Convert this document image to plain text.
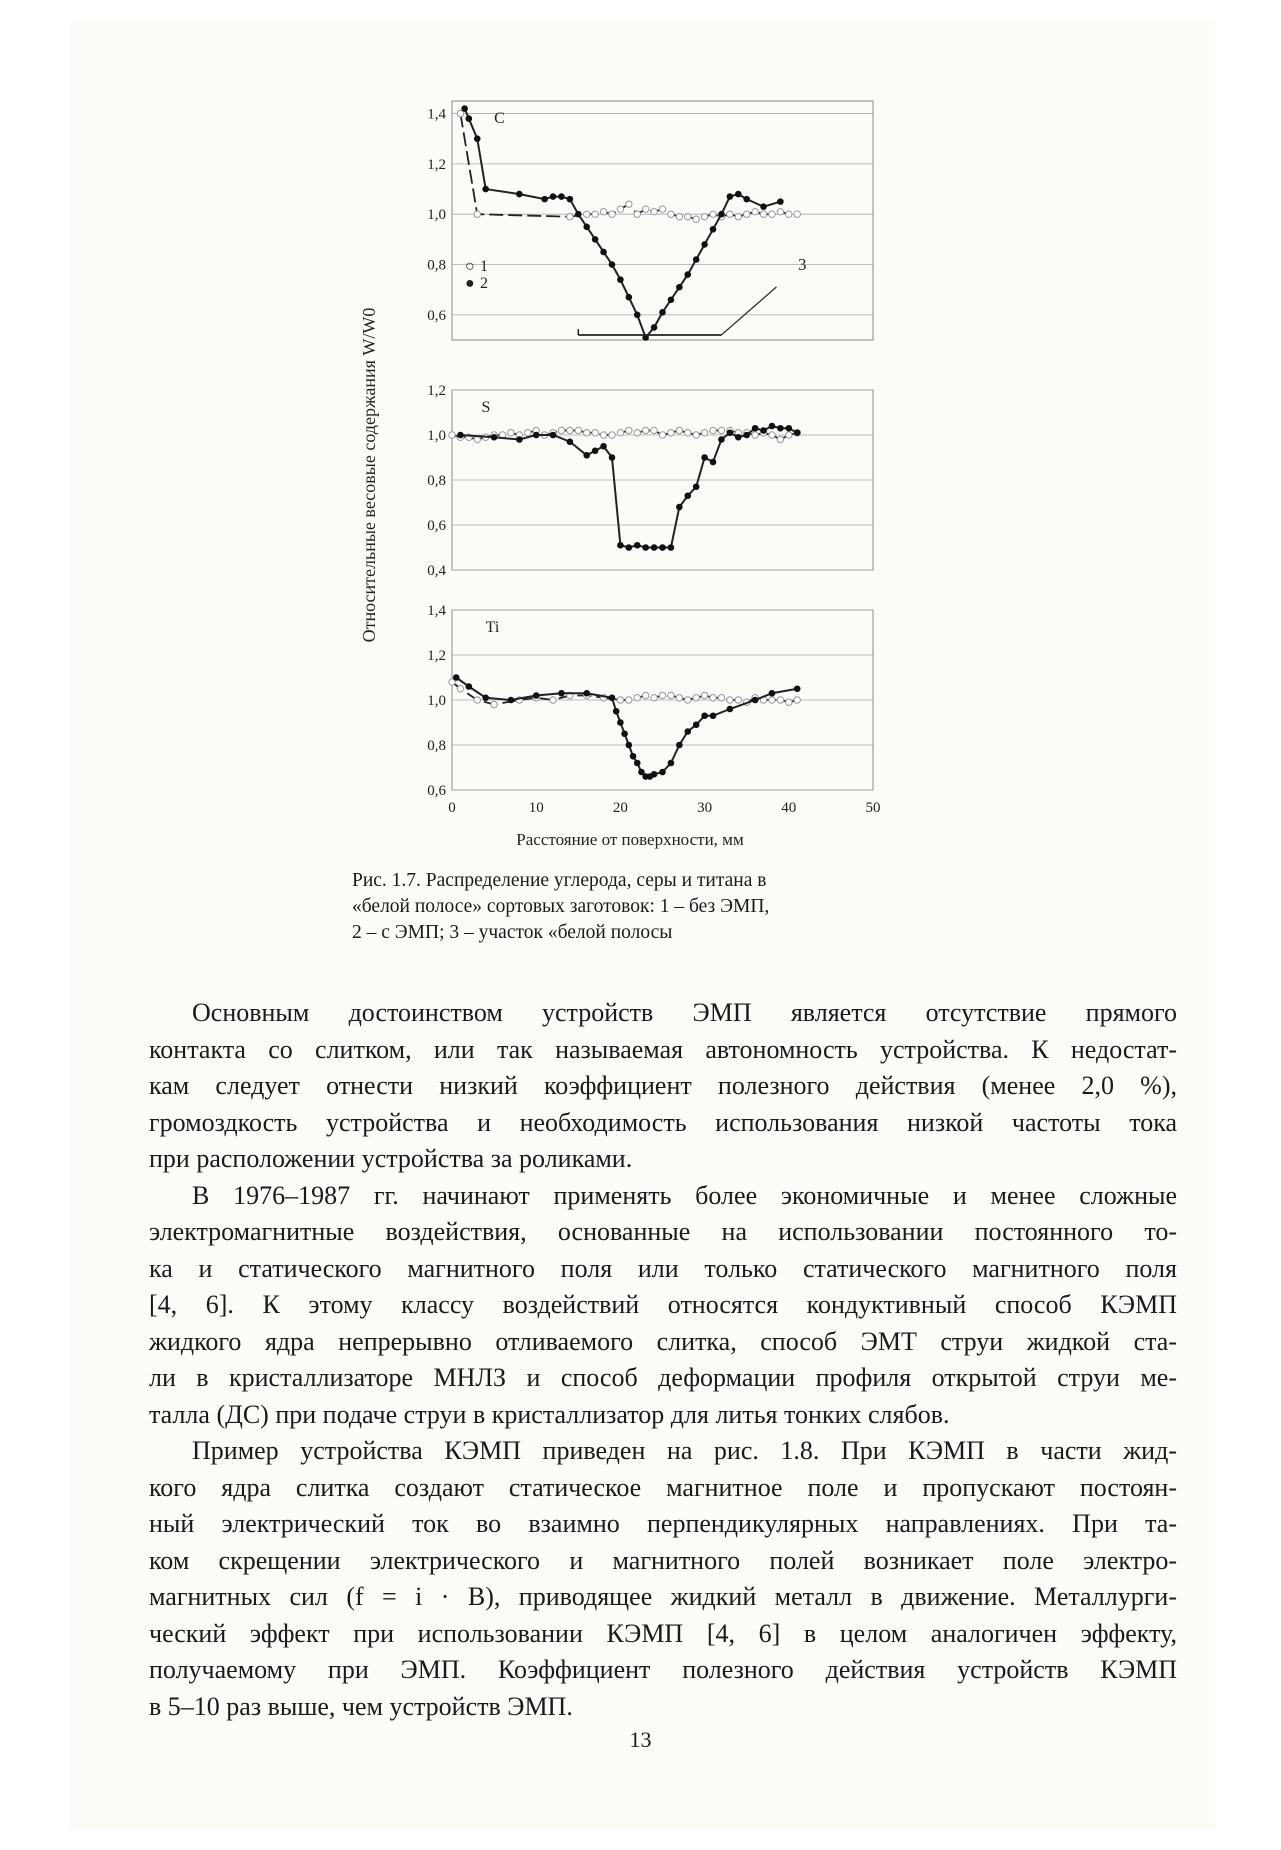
Относительные весовые содержания W/W0
Расстояние от поверхности, мм
0,6
0,8
1,0
1,2
1,4	C
0,4
0,6
0,8
1,0
1,2
S
0,6
0,8
1,0
1,2
1,4
0	10	20	30	40	50
Ti
○ 1
● 2
3
Рис. 1.7. Распределение углерода, серы и титана в
«белой полосе» сортовых заготовок: 1 – без ЭМП,
2 – с ЭМП; 3 – участок «белой полосы

Основным достоинством устройств ЭМП является отсутствие прямого
контакта со слитком, или так называемая автономность устройства. К недостат-
кам следует отнести низкий коэффициент полезного действия (менее 2,0 %),
громоздкость устройства и необходимость использования низкой частоты тока
при расположении устройства за роликами.

В 1976–1987 гг. начинают применять более экономичные и менее сложные
электромагнитные воздействия, основанные на использовании постоянного то-
ка и статического магнитного поля или только статического магнитного поля
[4, 6]. К этому классу воздействий относятся кондуктивный способ КЭМП
жидкого ядра непрерывно отливаемого слитка, способ ЭМТ струи жидкой ста-
ли в кристаллизаторе МНЛЗ и способ деформации профиля открытой струи ме-
талла (ДС) при подаче струи в кристаллизатор для литья тонких слябов.

Пример устройства КЭМП приведен на рис. 1.8. При КЭМП в части жид-
кого ядра слитка создают статическое магнитное поле и пропускают постоян-
ный электрический ток во взаимно перпендикулярных направлениях. При та-
ком скрещении электрического и магнитного полей возникает поле электро-
магнитных сил (f = i · B), приводящее жидкий металл в движение. Металлурги-
ческий эффект при использовании КЭМП [4, 6] в целом аналогичен эффекту,
получаемому при ЭМП. Коэффициент полезного действия устройств КЭМП
в 5–10 раз выше, чем устройств ЭМП.

13
